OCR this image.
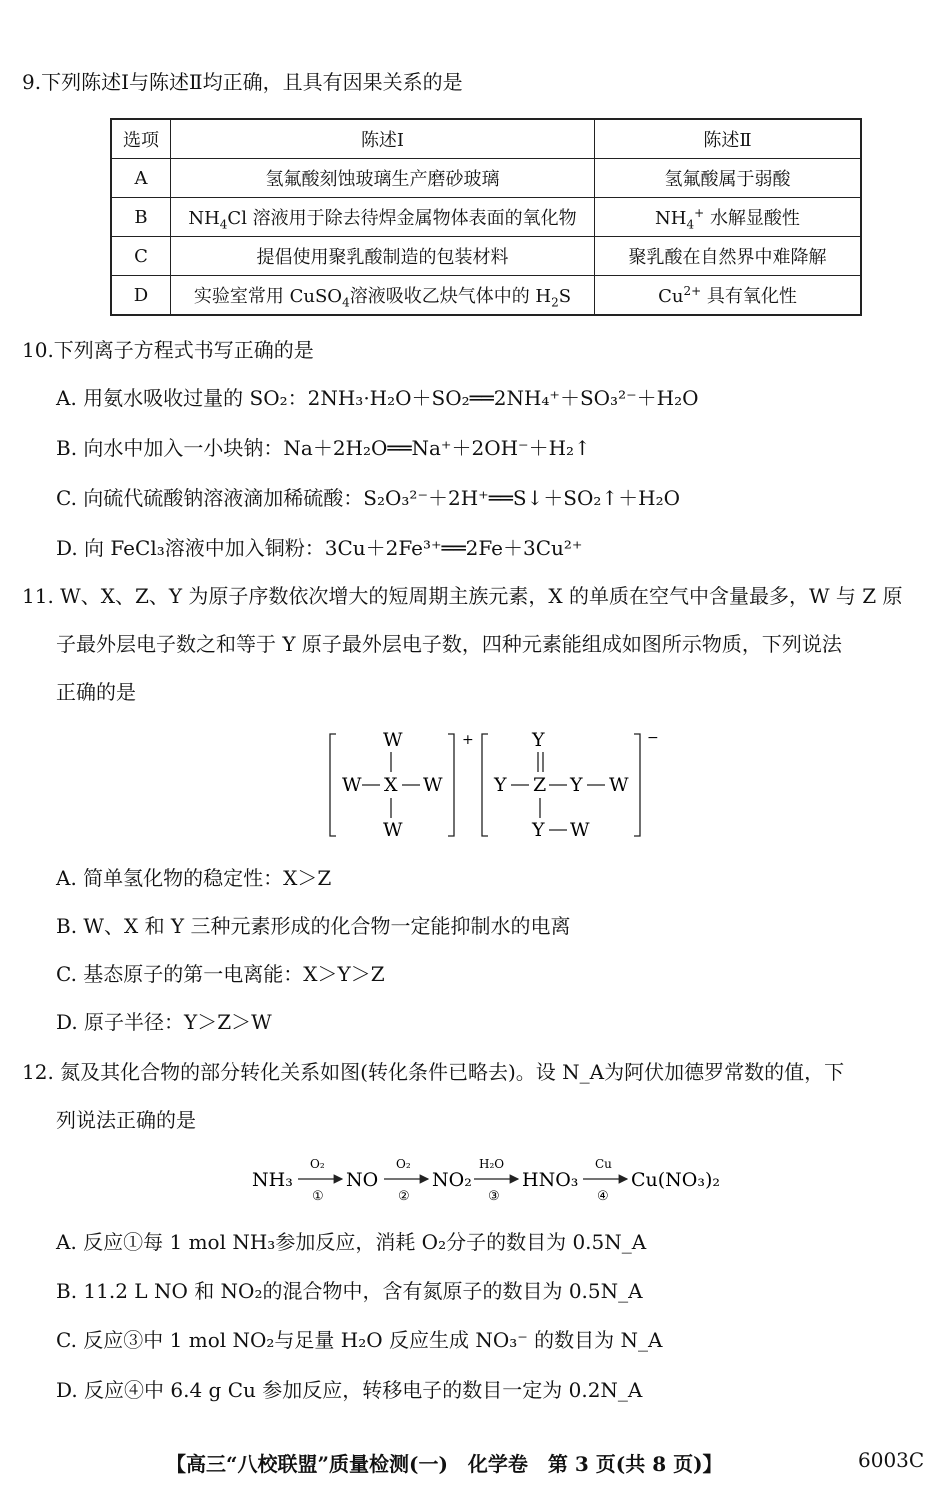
9.下列陈述Ⅰ与陈述Ⅱ均正确，且具有因果关系的是
选项	陈述Ⅰ	陈述Ⅱ
A	氢氟酸刻蚀玻璃生产磨砂玻璃	氢氟酸属于弱酸
B	$NH_4Cl$ 溶液用于除去待焊金属物体表面的氧化物	$NH_4^+$ 水解显酸性
C	提倡使用聚乳酸制造的包装材料	聚乳酸在自然界中难降解
D	实验室常用 CuSO$_4$溶液吸收乙炔气体中的 $H_2S$	$Cu^{2+}$ 具有氧化性
10.下列离子方程式书写正确的是
A. 用氨水吸收过量的 SO₂：2NH₃·H₂O＋SO₂══2NH₄⁺＋SO₃²⁻＋H₂O
B. 向水中加入一小块钠：Na＋2H₂O══Na⁺＋2OH⁻＋H₂↑
C. 向硫代硫酸钠溶液滴加稀硫酸：S₂O₃²⁻＋2H⁺══S↓＋SO₂↑＋H₂O
D. 向 FeCl₃溶液中加入铜粉：3Cu＋2Fe³⁺══2Fe＋3Cu²⁺
11. W、X、Z、Y 为原子序数依次增大的短周期主族元素，X 的单质在空气中含量最多，W 与 Z 原
子最外层电子数之和等于 Y 原子最外层电子数，四种元素能组成如图所示物质，下列说法
正确的是
+
W
W X W
W
−
Y
Y Z Y W
Y W
A. 简单氢化物的稳定性：X＞Z
B. W、X 和 Y 三种元素形成的化合物一定能抑制水的电离
C. 基态原子的第一电离能：X＞Y＞Z
D. 原子半径：Y＞Z＞W
12. 氮及其化合物的部分转化关系如图(转化条件已略去)。设 N_A为阿伏加德罗常数的值，下
列说法正确的是
NH₃
O₂
①
NO
O₂
②
NO₂
H₂O
③
HNO₃
Cu
④
Cu(NO₃)₂
A. 反应①每 1 mol NH₃参加反应，消耗 O₂分子的数目为 0.5N_A
B. 11.2 L NO 和 NO₂的混合物中，含有氮原子的数目为 0.5N_A
C. 反应③中 1 mol NO₂与足量 H₂O 反应生成 NO₃⁻ 的数目为 N_A
D. 反应④中 6.4 g Cu 参加反应，转移电子的数目一定为 0.2N_A
【高三“八校联盟”质量检测(一)　化学卷　第 3 页(共 8 页)】	6003C
